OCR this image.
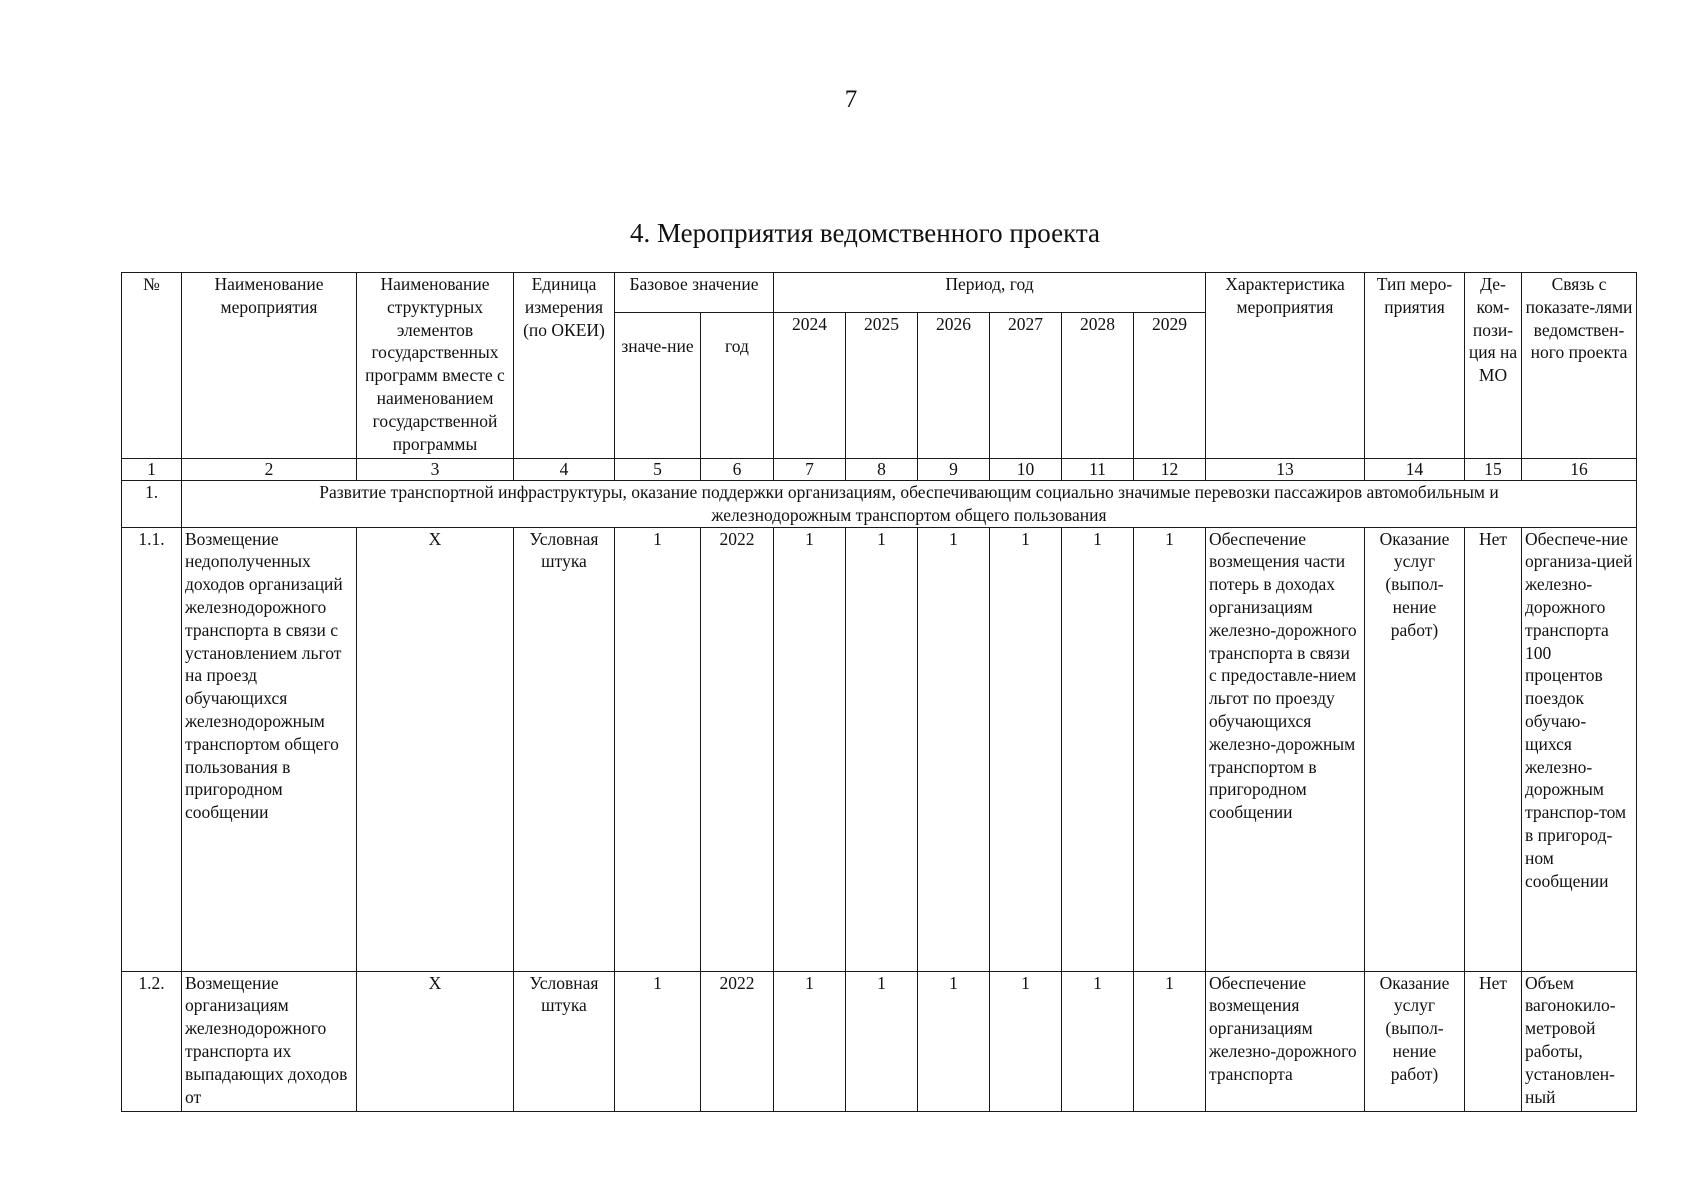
7
4. Мероприятия ведомственного проекта
№	Наименование мероприятия	Наименование структурных элементов государственных программ вместе с наименованием государственной программы	Единица измерения (по ОКЕИ)	Базовое значение		Период, год						Характеристика мероприятия	Тип меро-приятия	Де-ком-пози-ция на МО	Связь с показате-лями ведомствен-ного проекта
				значе-ние	год	2024	2025	2026	2027	2028	2029				
1	2	3	4	5	6	7	8	9	10	11	12	13	14	15	16
1.	Развитие транспортной инфраструктуры, оказание поддержки организациям, обеспечивающим социально значимые перевозки пассажиров автомобильным и железнодорожным транспортом общего пользования														
1.1.	Возмещение недополученных доходов организаций железнодорожного транспорта в связи с установлением льгот на проезд обучающихся железнодорожным транспортом общего пользования в пригородном сообщении	X	Условная штука	1	2022	1	1	1	1	1	1	Обеспечение возмещения части потерь в доходах организациям железно-дорожного транспорта в связи с предоставле-нием льгот по проезду обучающихся железно-дорожным транспортом в пригородном сообщении	Оказание услуг (выпол-нение работ)	Нет	Обеспече-ние организа-цией железно-дорожного транспорта 100 процентов поездок обучаю-щихся железно-дорожным транспор-том в пригород-ном сообщении
1.2.	Возмещение организациям железнодорожного транспорта их выпадающих доходов от	X	Условная штука	1	2022	1	1	1	1	1	1	Обеспечение возмещения организациям железно-дорожного транспорта	Оказание услуг (выпол-нение работ)	Нет	Объем вагонокило-метровой работы, установлен-ный
